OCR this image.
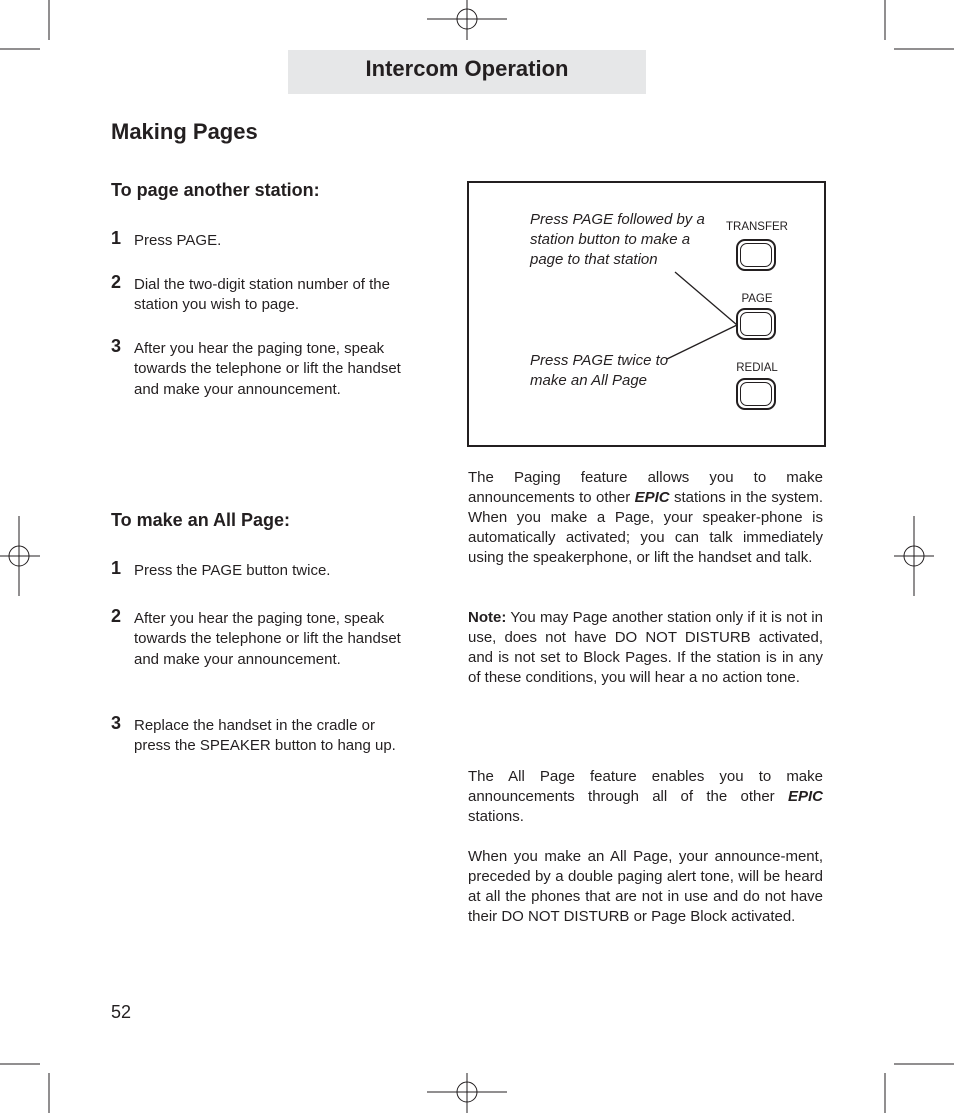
Intercom Operation
Making Pages
To page another station:
1 Press PAGE.
2 Dial the two-digit station number of the station you wish to page.
3 After you hear the paging tone, speak towards the telephone or lift the handset and make your announcement.
To make an All Page:
1 Press the PAGE button twice.
2 After you hear the paging tone, speak towards the telephone or lift the handset and make your announcement.
3 Replace the handset in the cradle or press the SPEAKER button to hang up.
Press PAGE followed by a station button to make a page to that station
Press PAGE twice to make an All Page
TRANSFER
PAGE
REDIAL
The Paging feature allows you to make announcements to other EPIC stations in the system. When you make a Page, your speaker-phone is automatically activated; you can talk immediately using the speakerphone, or lift the handset and talk.
Note: You may Page another station only if it is not in use, does not have DO NOT DISTURB activated, and is not set to Block Pages. If the station is in any of these conditions, you will hear a no action tone.
The All Page feature enables you to make announcements through all of the other EPIC stations.
When you make an All Page, your announce-ment, preceded by a double paging alert tone, will be heard at all the phones that are not in use and do not have their DO NOT DISTURB or Page Block activated.
52
